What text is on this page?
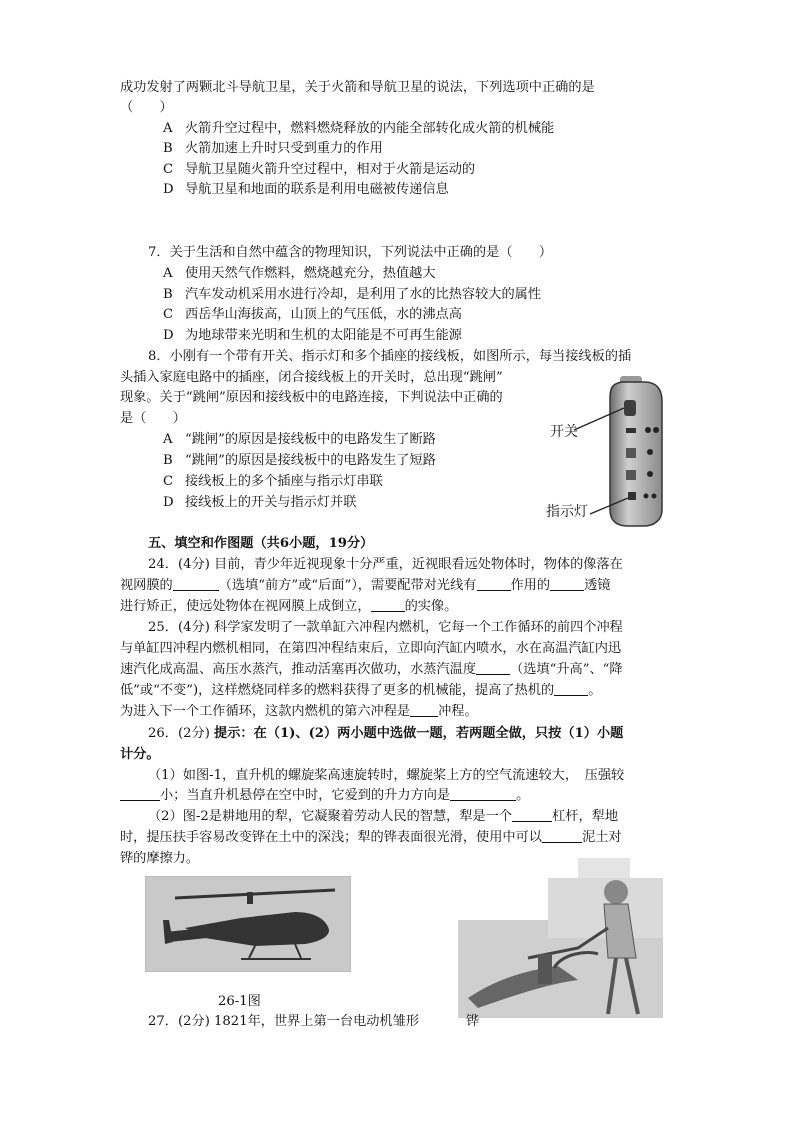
成功发射了两颗北斗导航卫星，关于火箭和导航卫星的说法，下列选项中正确的是
（　　）
A 火箭升空过程中，燃料燃烧释放的内能全部转化成火箭的机械能
B 火箭加速上升时只受到重力的作用
C 导航卫星随火箭升空过程中，相对于火箭是运动的
D 导航卫星和地面的联系是利用电磁被传递信息
7．关于生活和自然中蕴含的物理知识，下列说法中正确的是（　　）
A 使用天然气作燃料，燃烧越充分，热值越大
B 汽车发动机采用水进行冷却，是利用了水的比热容较大的属性
C 西岳华山海拔高，山顶上的气压低，水的沸点高
D 为地球带来光明和生机的太阳能是不可再生能源
8．小刚有一个带有开关、指示灯和多个插座的接线板，如图所示，每当接线板的插
头插入家庭电路中的插座，闭合接线板上的开关时，总出现“跳闸”
现象。关于“跳闸”原因和接线板中的电路连接，下判说法中正确的
是（　　）
A “跳闸”的原因是接线板中的电路发生了断路
B “跳闸”的原因是接线板中的电路发生了短路
C 接线板上的多个插座与指示灯串联
D 接线板上的开关与指示灯并联
开关
指示灯
五、填空和作图题（共6小题，19分）
24．(4分) 目前，青少年近视现象十分严重，近视眼看远处物体时，物体的像落在
视网膜的	（选填“前方”或“后面”），需要配带对光线有	作用的	透镜
进行矫正，使远处物体在视网膜上成倒立，	的实像。
25．(4分) 科学家发明了一款单缸六冲程内燃机，它每一个工作循环的前四个冲程
与单缸四冲程内燃机相同，在第四冲程结束后，立即向汽缸内喷水，水在高温汽缸内迅
速汽化成高温、高压水蒸汽，推动活塞再次做功，水蒸汽温度	（选填“升高”、“降
低”或“不变”)，这样燃烧同样多的燃料获得了更多的机械能，提高了热机的	。
为进入下一个工作循环，这款内燃机的第六冲程是 冲程。
26．(2分) 提示：在（1)、(2）两小题中选做一题，若两题全做，只按（1）小题
计分。
（1）如图-1，直升机的螺旋桨高速旋转时，螺旋桨上方的空气流速较大，　压强较
小；当直升机悬停在空中时，它爱到的升力方向是	。
（2）图-2是耕地用的犁，它凝聚着劳动人民的智慧，犁是一个	杠杆，犁地
时，提压扶手容易改变铧在土中的深浅；犁的铧表面很光滑，使用中可以	泥土对
铧的摩擦力。
26-1图
铧
27．(2分) 1821年，世界上第一台电动机雏形
